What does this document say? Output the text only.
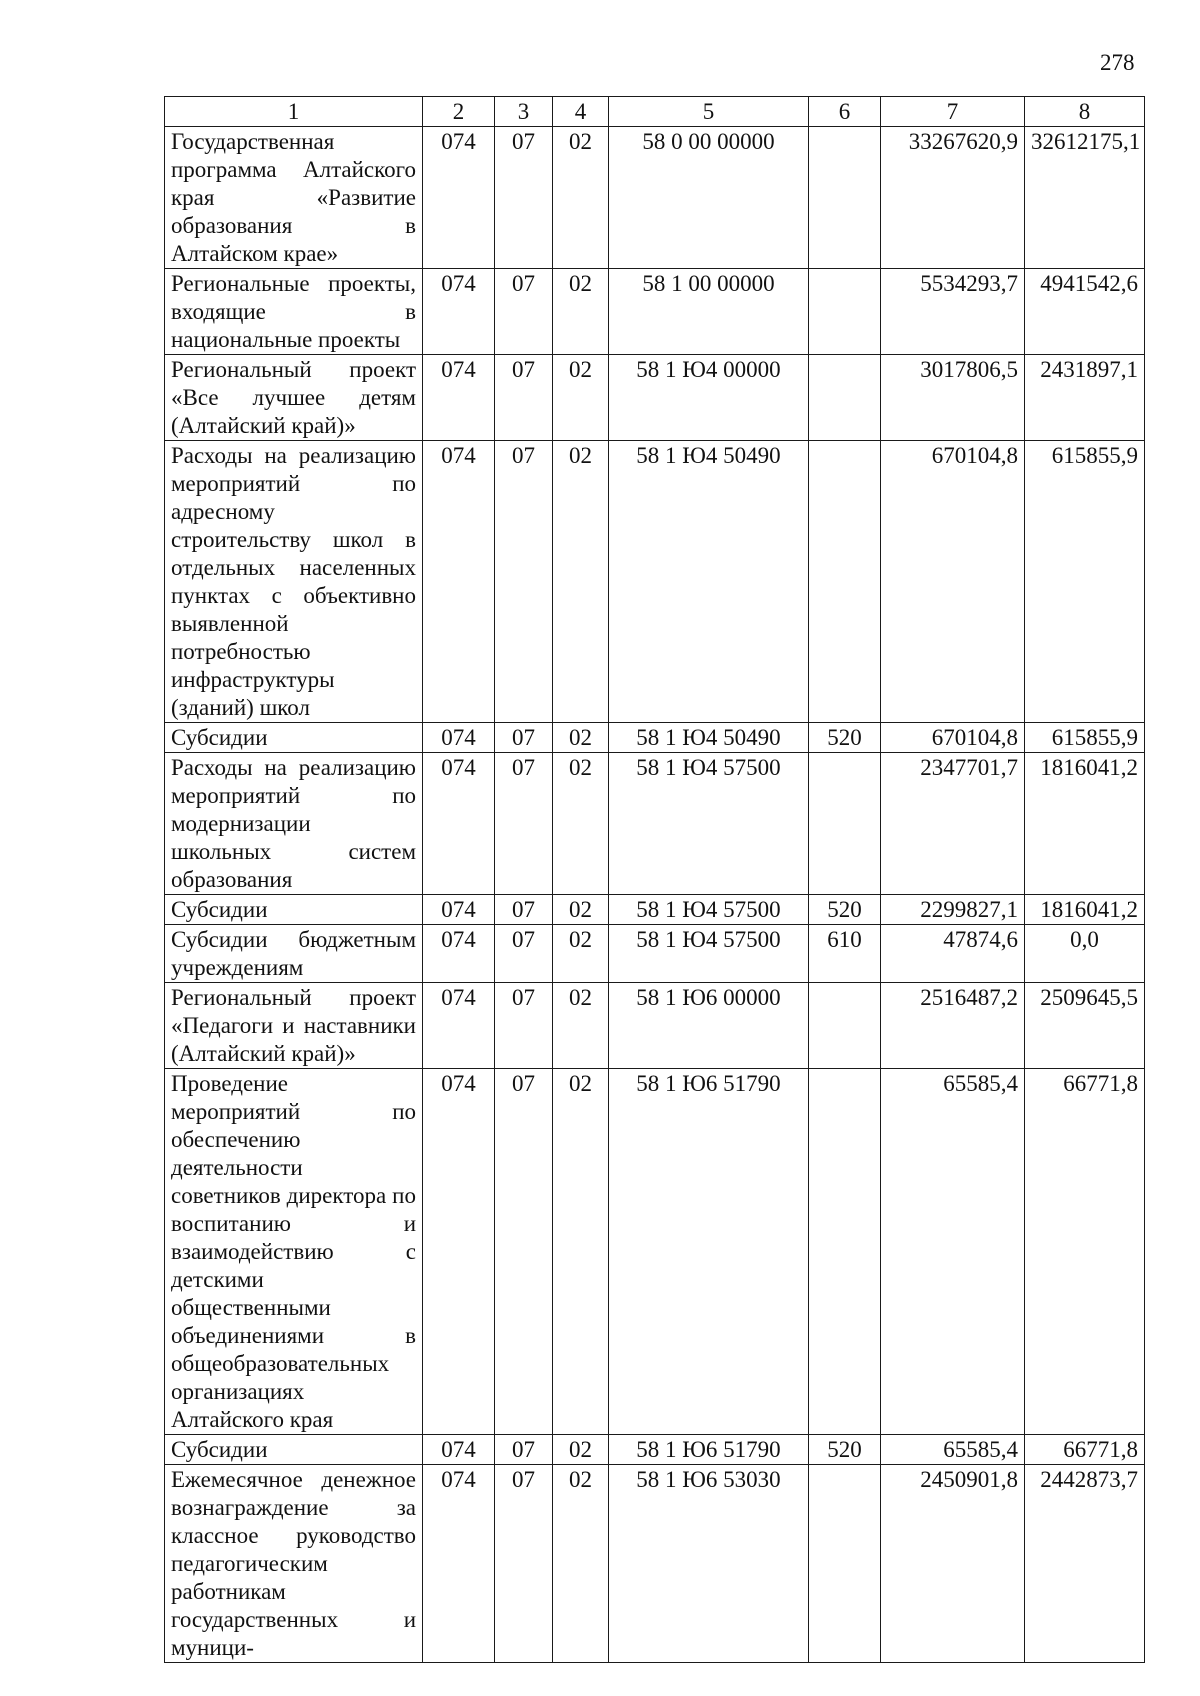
278
1	2	3	4	5	6	7	8
Государственная программа Алтайского края «Развитие образования в Алтайском крае»	074	07	02	58 0 00 00000		33267620,9	32612175,1
Региональные проекты, входящие в национальные проекты	074	07	02	58 1 00 00000		5534293,7	4941542,6
Региональный проект «Все лучшее детям (Алтайский край)»	074	07	02	58 1 Ю4 00000		3017806,5	2431897,1
Расходы на реализацию мероприятий по адресному строительству школ в отдельных населенных пунктах с объективно выявленной потребностью инфраструктуры (зданий) школ	074	07	02	58 1 Ю4 50490		670104,8	615855,9
Субсидии	074	07	02	58 1 Ю4 50490	520	670104,8	615855,9
Расходы на реализацию мероприятий по модернизации школьных систем образования	074	07	02	58 1 Ю4 57500		2347701,7	1816041,2
Субсидии	074	07	02	58 1 Ю4 57500	520	2299827,1	1816041,2
Субсидии бюджетным учреждениям	074	07	02	58 1 Ю4 57500	610	47874,6	0,0
Региональный проект «Педагоги и наставники (Алтайский край)»	074	07	02	58 1 Ю6 00000		2516487,2	2509645,5
Проведение мероприятий по обеспечению деятельности советников директора по воспитанию и взаимодействию с детскими общественными объединениями в общеобразовательных организациях Алтайского края	074	07	02	58 1 Ю6 51790		65585,4	66771,8
Субсидии	074	07	02	58 1 Ю6 51790	520	65585,4	66771,8
Ежемесячное денежное вознаграждение за классное руководство педагогическим работникам государственных и муници-	074	07	02	58 1 Ю6 53030		2450901,8	2442873,7
